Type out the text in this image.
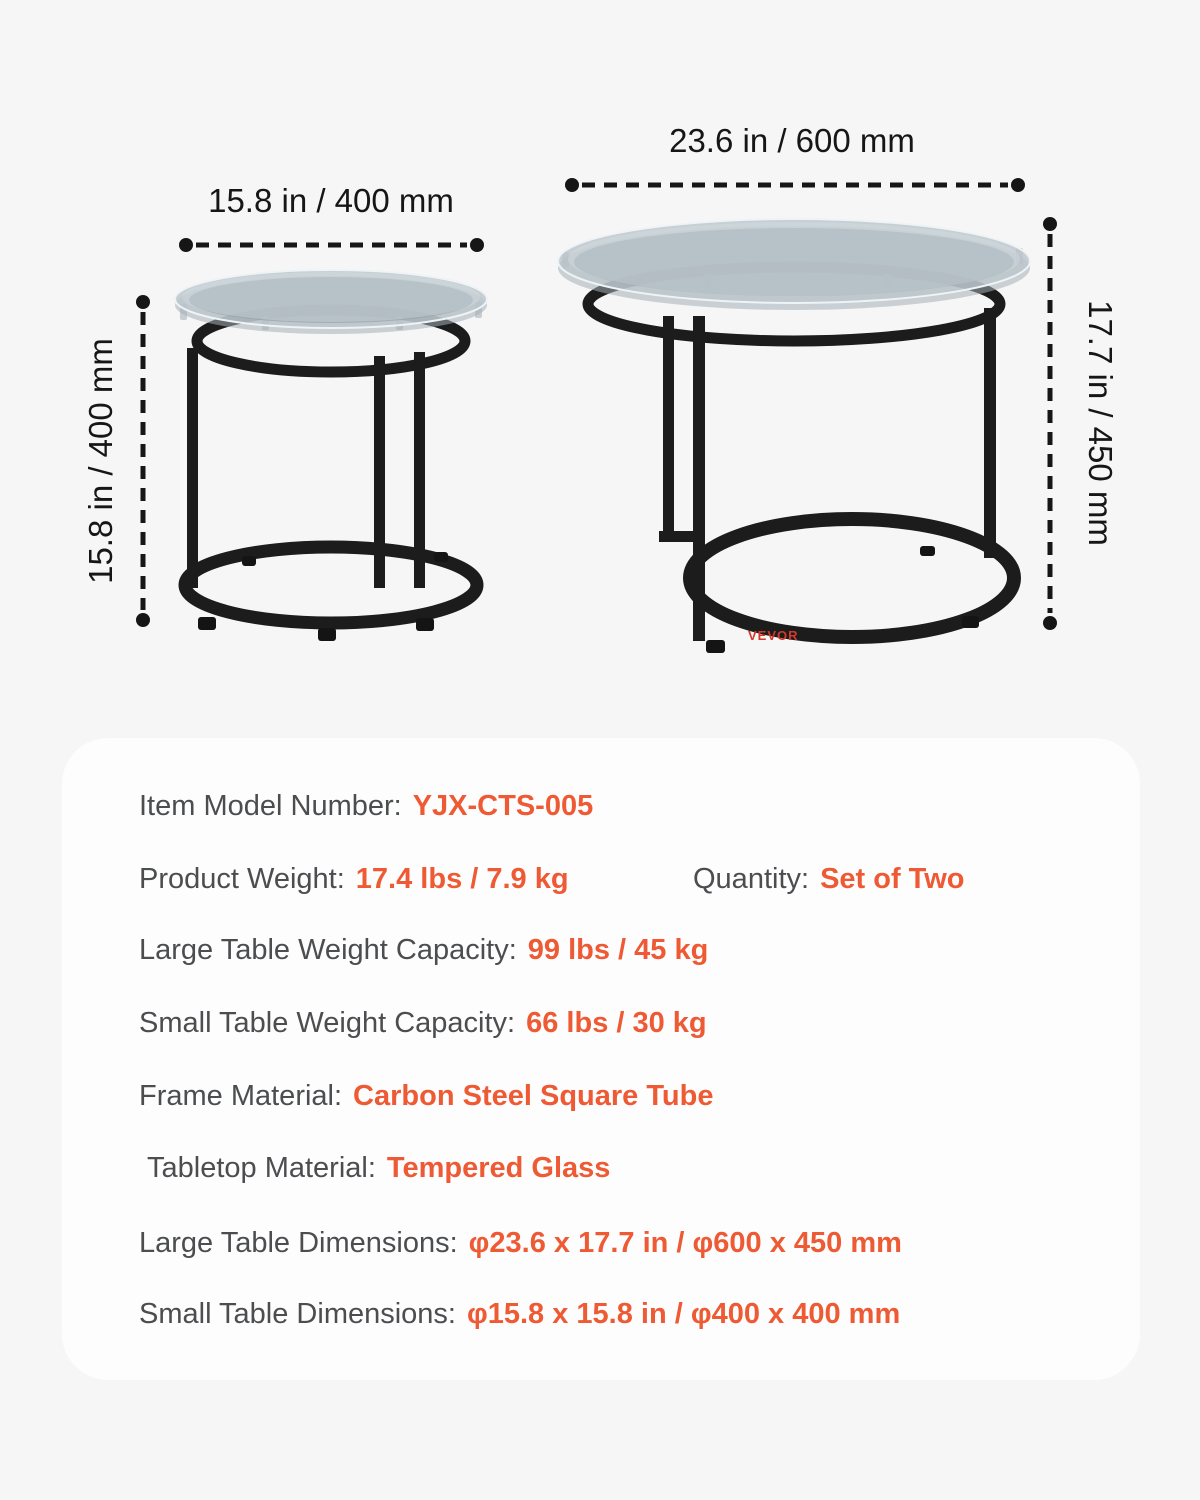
VEVOR
15.8 in / 400 mm
23.6 in / 600 mm
15.8 in / 400 mm	17.7 in / 450 mm
Item Model Number: YJX-CTS-005
Product Weight: 17.4 lbs / 7.9 kg	Quantity: Set of Two
Large Table Weight Capacity: 99 lbs / 45 kg
Small Table Weight Capacity: 66 lbs / 30 kg
Frame Material: Carbon Steel Square Tube
Tabletop Material: Tempered Glass
Large Table Dimensions: φ23.6 x 17.7 in / φ600 x 450 mm
Small Table Dimensions: φ15.8 x 15.8 in / φ400 x 400 mm
